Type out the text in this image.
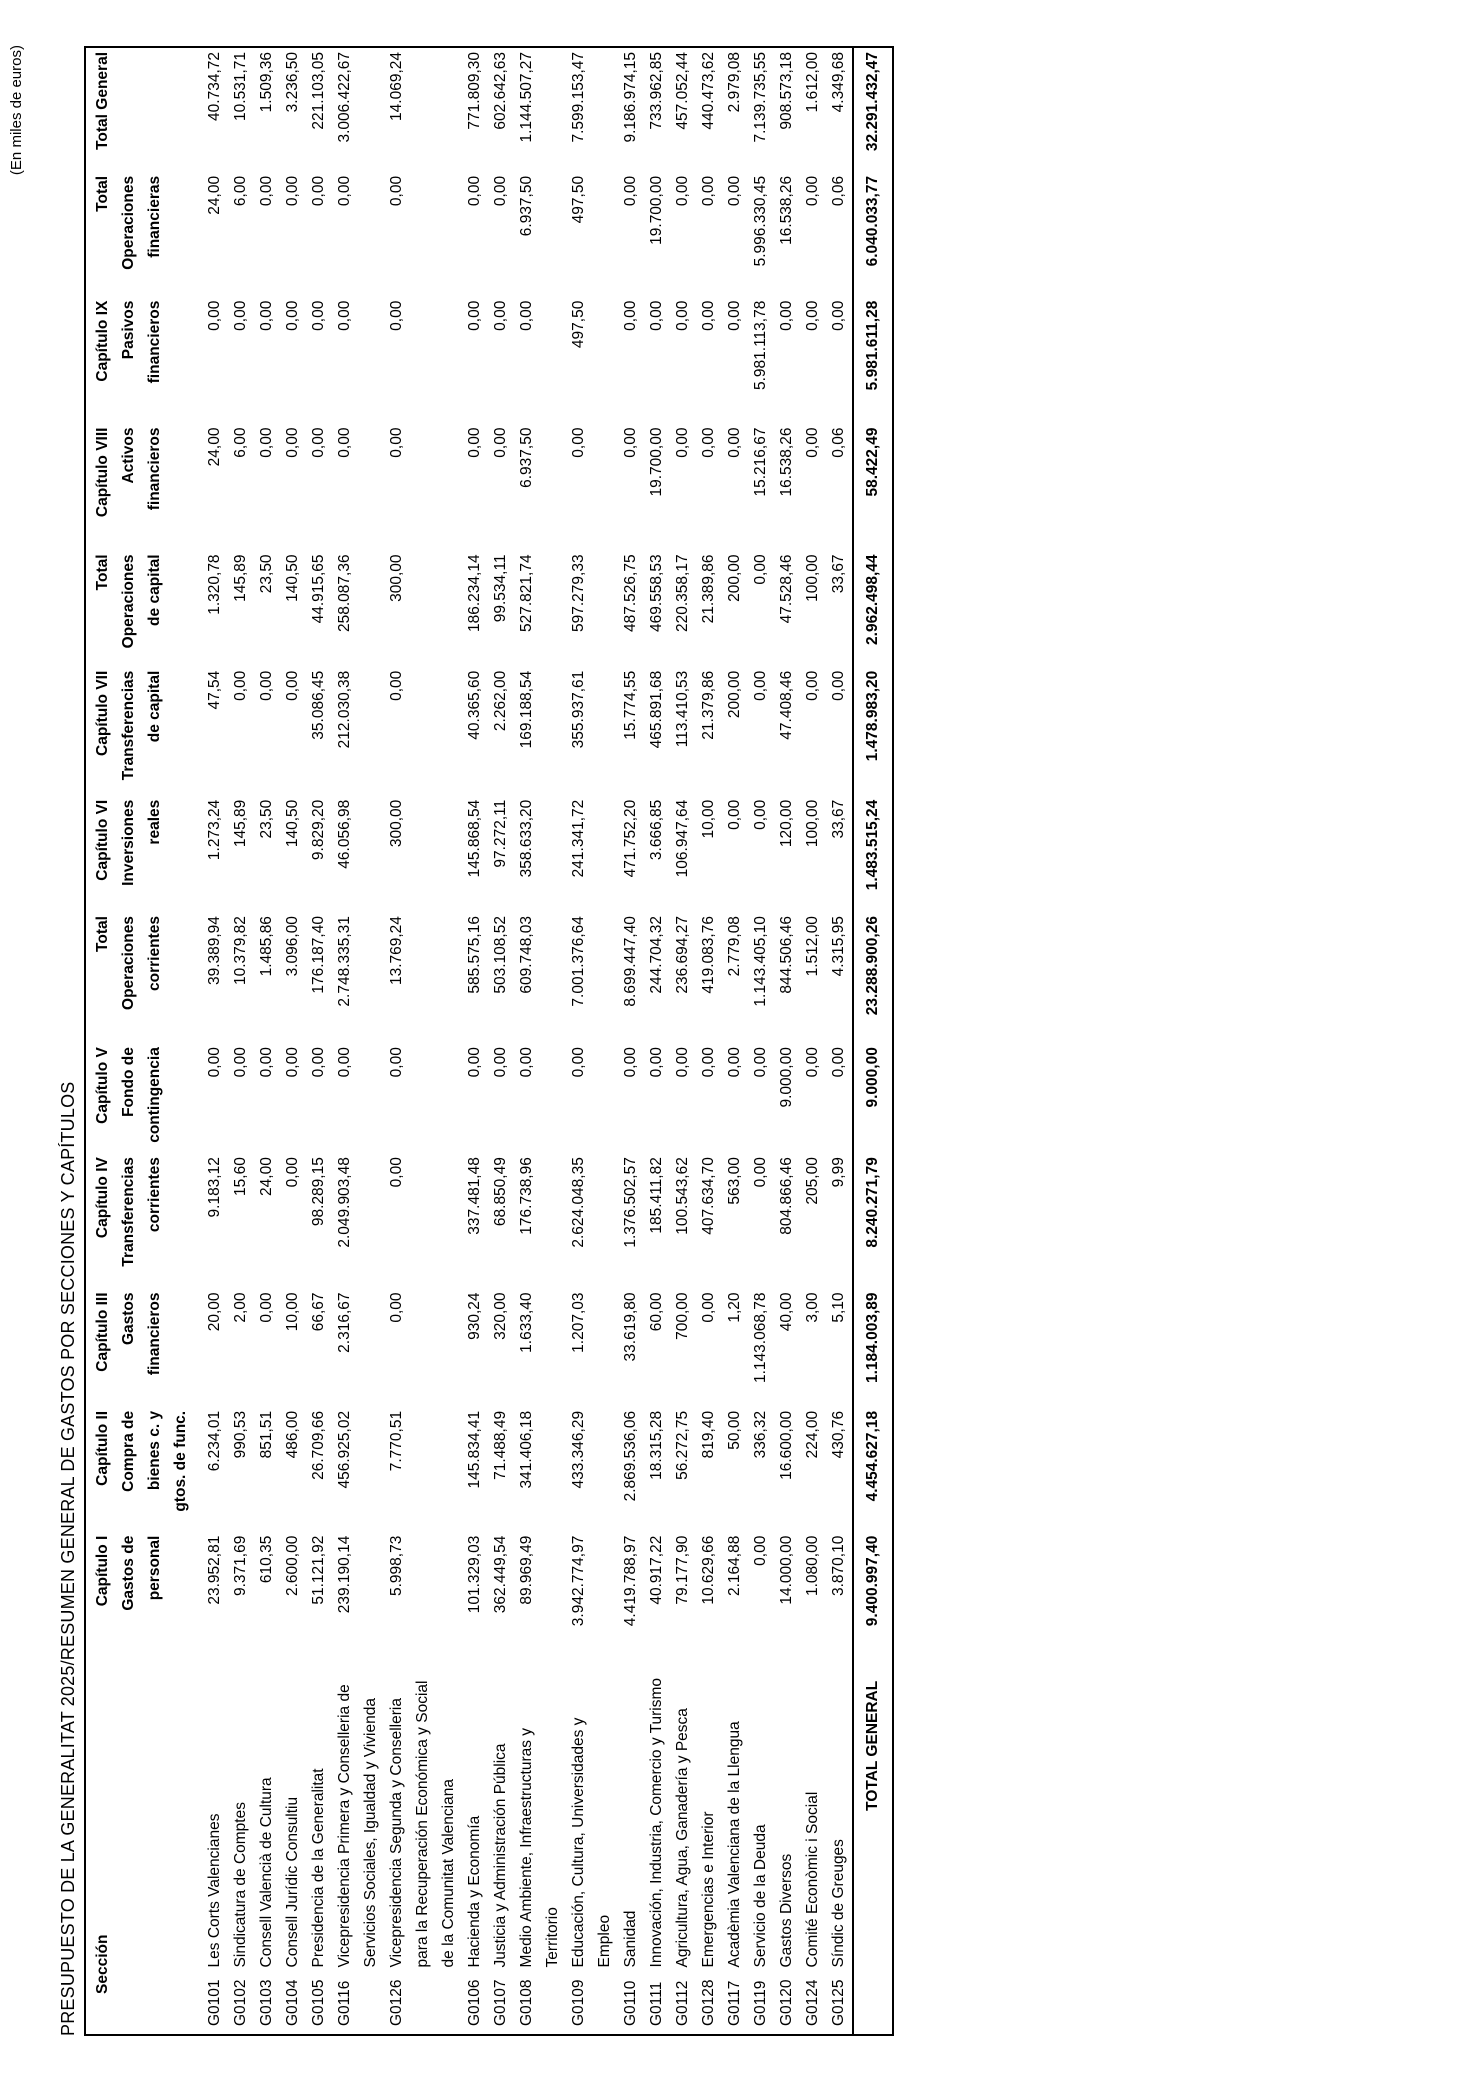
(En miles de euros)
PRESUPUESTO DE LA GENERALITAT 2025/RESUMEN GENERAL DE GASTOS POR SECCIONES Y CAPÍTULOS Sección		Capítulo I Gastos de personal	Capítulo II Compra de bienes c. y gtos. de func.	Capítulo III Gastos financieros	Capítulo IV Transferencias corrientes	Capítulo V Fondo de contingencia	Total Operaciones corrientes	Capítulo VI Inversiones reales	Capítulo VII Transferencias de capital	Total Operaciones de capital	Capítulo VIII Activos financieros	Capítulo IX Pasivos financieros	Total Operaciones financieras	Total General

G0101	Les Corts Valencianes	23.952,81	6.234,01	20,00	9.183,12	0,00	39.389,94	1.273,24	47,54	1.320,78	24,00	0,00	24,00	40.734,72
G0102	Sindicatura de Comptes	9.371,69	990,53	2,00	15,60	0,00	10.379,82	145,89	0,00	145,89	6,00	0,00	6,00	10.531,71
G0103	Consell Valencià de Cultura	610,35	851,51	0,00	24,00	0,00	1.485,86	23,50	0,00	23,50	0,00	0,00	0,00	1.509,36
G0104	Consell Jurídic Consultiu	2.600,00	486,00	10,00	0,00	0,00	3.096,00	140,50	0,00	140,50	0,00	0,00	0,00	3.236,50
G0105	Presidencia de la Generalitat	51.121,92	26.709,66	66,67	98.289,15	0,00	176.187,40	9.829,20	35.086,45	44.915,65	0,00	0,00	0,00	221.103,05
G0116	Vicepresidencia Primera y Conselleria de Servicios Sociales, Igualdad y Vivienda	239.190,14	456.925,02	2.316,67	2.049.903,48	0,00	2.748.335,31	46.056,98	212.030,38	258.087,36	0,00	0,00	0,00	3.006.422,67
G0126	Vicepresidencia Segunda y Conselleria para la Recuperación Económica y Social de la Comunitat Valenciana	5.998,73	7.770,51	0,00	0,00	0,00	13.769,24	300,00	0,00	300,00	0,00	0,00	0,00	14.069,24
G0106	Hacienda y Economía	101.329,03	145.834,41	930,24	337.481,48	0,00	585.575,16	145.868,54	40.365,60	186.234,14	0,00	0,00	0,00	771.809,30
G0107	Justicia y Administración Pública	362.449,54	71.488,49	320,00	68.850,49	0,00	503.108,52	97.272,11	2.262,00	99.534,11	0,00	0,00	0,00	602.642,63
G0108	Medio Ambiente, Infraestructuras y Territorio	89.969,49	341.406,18	1.633,40	176.738,96	0,00	609.748,03	358.633,20	169.188,54	527.821,74	6.937,50	0,00	6.937,50	1.144.507,27
G0109	Educación, Cultura, Universidades y Empleo	3.942.774,97	433.346,29	1.207,03	2.624.048,35	0,00	7.001.376,64	241.341,72	355.937,61	597.279,33	0,00	497,50	497,50	7.599.153,47
G0110	Sanidad	4.419.788,97	2.869.536,06	33.619,80	1.376.502,57	0,00	8.699.447,40	471.752,20	15.774,55	487.526,75	0,00	0,00	0,00	9.186.974,15
G0111	Innovación, Industria, Comercio y Turismo	40.917,22	18.315,28	60,00	185.411,82	0,00	244.704,32	3.666,85	465.891,68	469.558,53	19.700,00	0,00	19.700,00	733.962,85
G0112	Agricultura, Agua, Ganadería y Pesca	79.177,90	56.272,75	700,00	100.543,62	0,00	236.694,27	106.947,64	113.410,53	220.358,17	0,00	0,00	0,00	457.052,44
G0128	Emergencias e Interior	10.629,66	819,40	0,00	407.634,70	0,00	419.083,76	10,00	21.379,86	21.389,86	0,00	0,00	0,00	440.473,62
G0117	Acadèmia Valenciana de la Llengua	2.164,88	50,00	1,20	563,00	0,00	2.779,08	0,00	200,00	200,00	0,00	0,00	0,00	2.979,08
G0119	Servicio de la Deuda	0,00	336,32	1.143.068,78	0,00	0,00	1.143.405,10	0,00	0,00	0,00	15.216,67	5.981.113,78	5.996.330,45	7.139.735,55
G0120	Gastos Diversos	14.000,00	16.600,00	40,00	804.866,46	9.000,00	844.506,46	120,00	47.408,46	47.528,46	16.538,26	0,00	16.538,26	908.573,18
G0124	Comité Econòmic i Social	1.080,00	224,00	3,00	205,00	0,00	1.512,00	100,00	0,00	100,00	0,00	0,00	0,00	1.612,00
G0125	Síndic de Greuges	3.870,10	430,76	5,10	9,99	0,00	4.315,95	33,67	0,00	33,67	0,06	0,00	0,06	4.349,68
TOTAL GENERAL		9.400.997,40	4.454.627,18	1.184.003,89	8.240.271,79	9.000,00	23.288.900,26	1.483.515,24	1.478.983,20	2.962.498,44	58.422,49	5.981.611,28	6.040.033,77	32.291.432,47
